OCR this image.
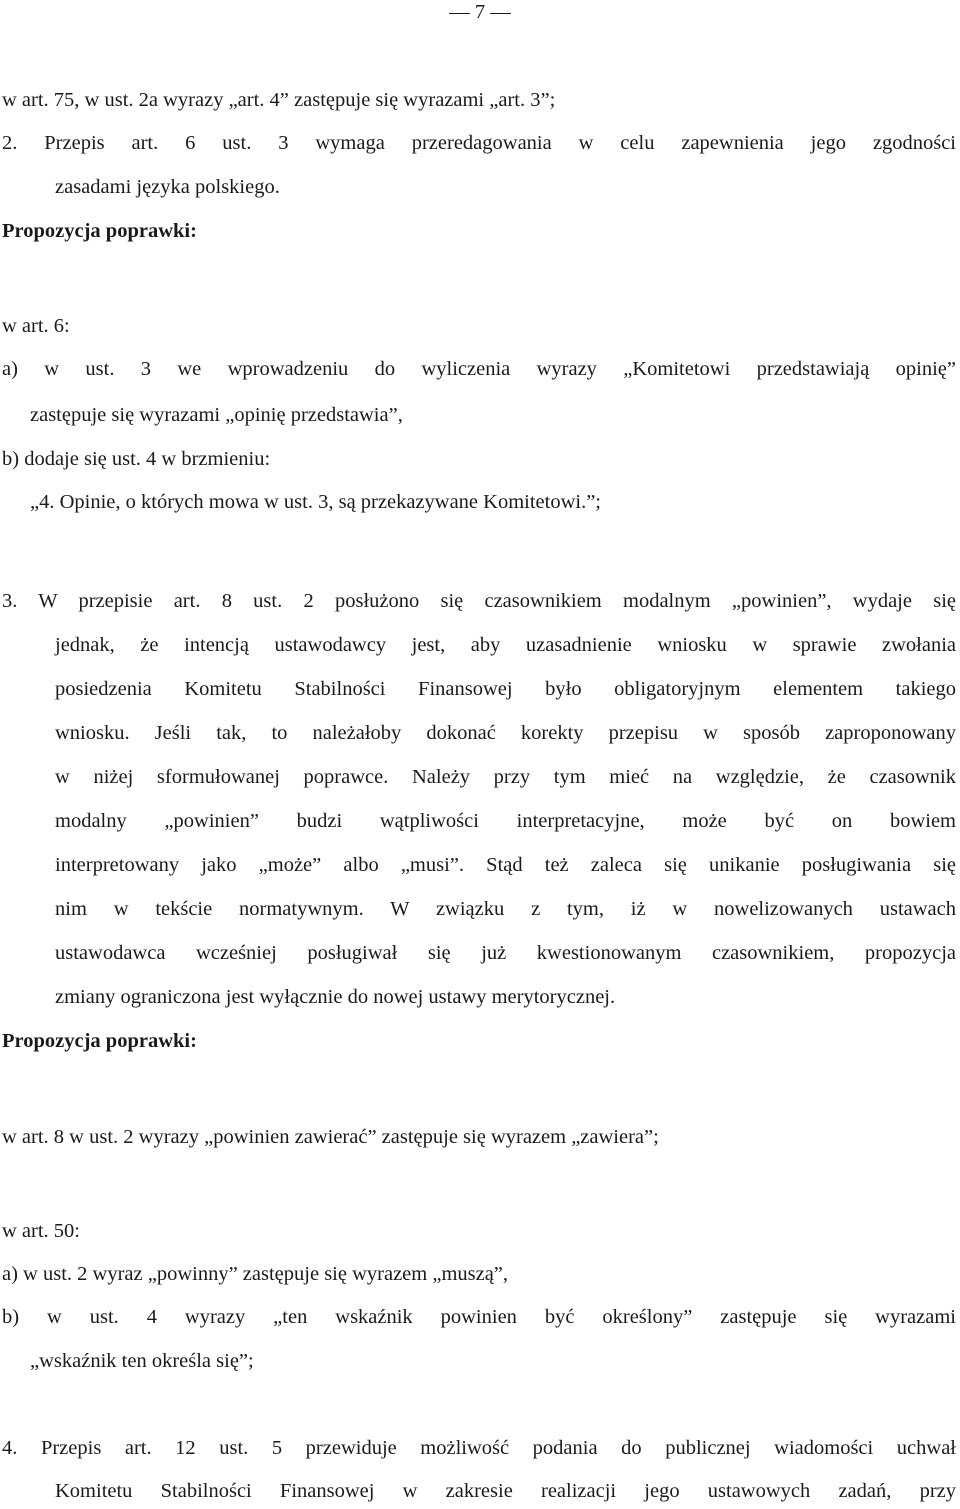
— 7 —
w art. 75, w ust. 2a wyrazy „art. 4” zastępuje się wyrazami „art. 3”;
2. Przepis art. 6 ust. 3 wymaga przeredagowania w celu zapewnienia jego zgodności
zasadami języka polskiego.
Propozycja poprawki:
w art. 6:
a) w ust. 3 we wprowadzeniu do wyliczenia wyrazy „Komitetowi przedstawiają opinię”
zastępuje się wyrazami „opinię przedstawia”,
b) dodaje się ust. 4 w brzmieniu:
„4. Opinie, o których mowa w ust. 3, są przekazywane Komitetowi.”;
3. W przepisie art. 8 ust. 2 posłużono się czasownikiem modalnym „powinien”, wydaje się
jednak, że intencją ustawodawcy jest, aby uzasadnienie wniosku w sprawie zwołania
posiedzenia Komitetu Stabilności Finansowej było obligatoryjnym elementem takiego
wniosku. Jeśli tak, to należałoby dokonać korekty przepisu w sposób zaproponowany
w niżej sformułowanej poprawce. Należy przy tym mieć na względzie, że czasownik
modalny „powinien” budzi wątpliwości interpretacyjne, może być on bowiem
interpretowany jako „może” albo „musi”. Stąd też zaleca się unikanie posługiwania się
nim w tekście normatywnym. W związku z tym, iż w nowelizowanych ustawach
ustawodawca wcześniej posługiwał się już kwestionowanym czasownikiem, propozycja
zmiany ograniczona jest wyłącznie do nowej ustawy merytorycznej.
Propozycja poprawki:
w art. 8 w ust. 2 wyrazy „powinien zawierać” zastępuje się wyrazem „zawiera”;
w art. 50:
a) w ust. 2 wyraz „powinny” zastępuje się wyrazem „muszą”,
b) w ust. 4 wyrazy „ten wskaźnik powinien być określony” zastępuje się wyrazami
„wskaźnik ten określa się”;
4. Przepis art. 12 ust. 5 przewiduje możliwość podania do publicznej wiadomości uchwał
Komitetu Stabilności Finansowej w zakresie realizacji jego ustawowych zadań, przy
